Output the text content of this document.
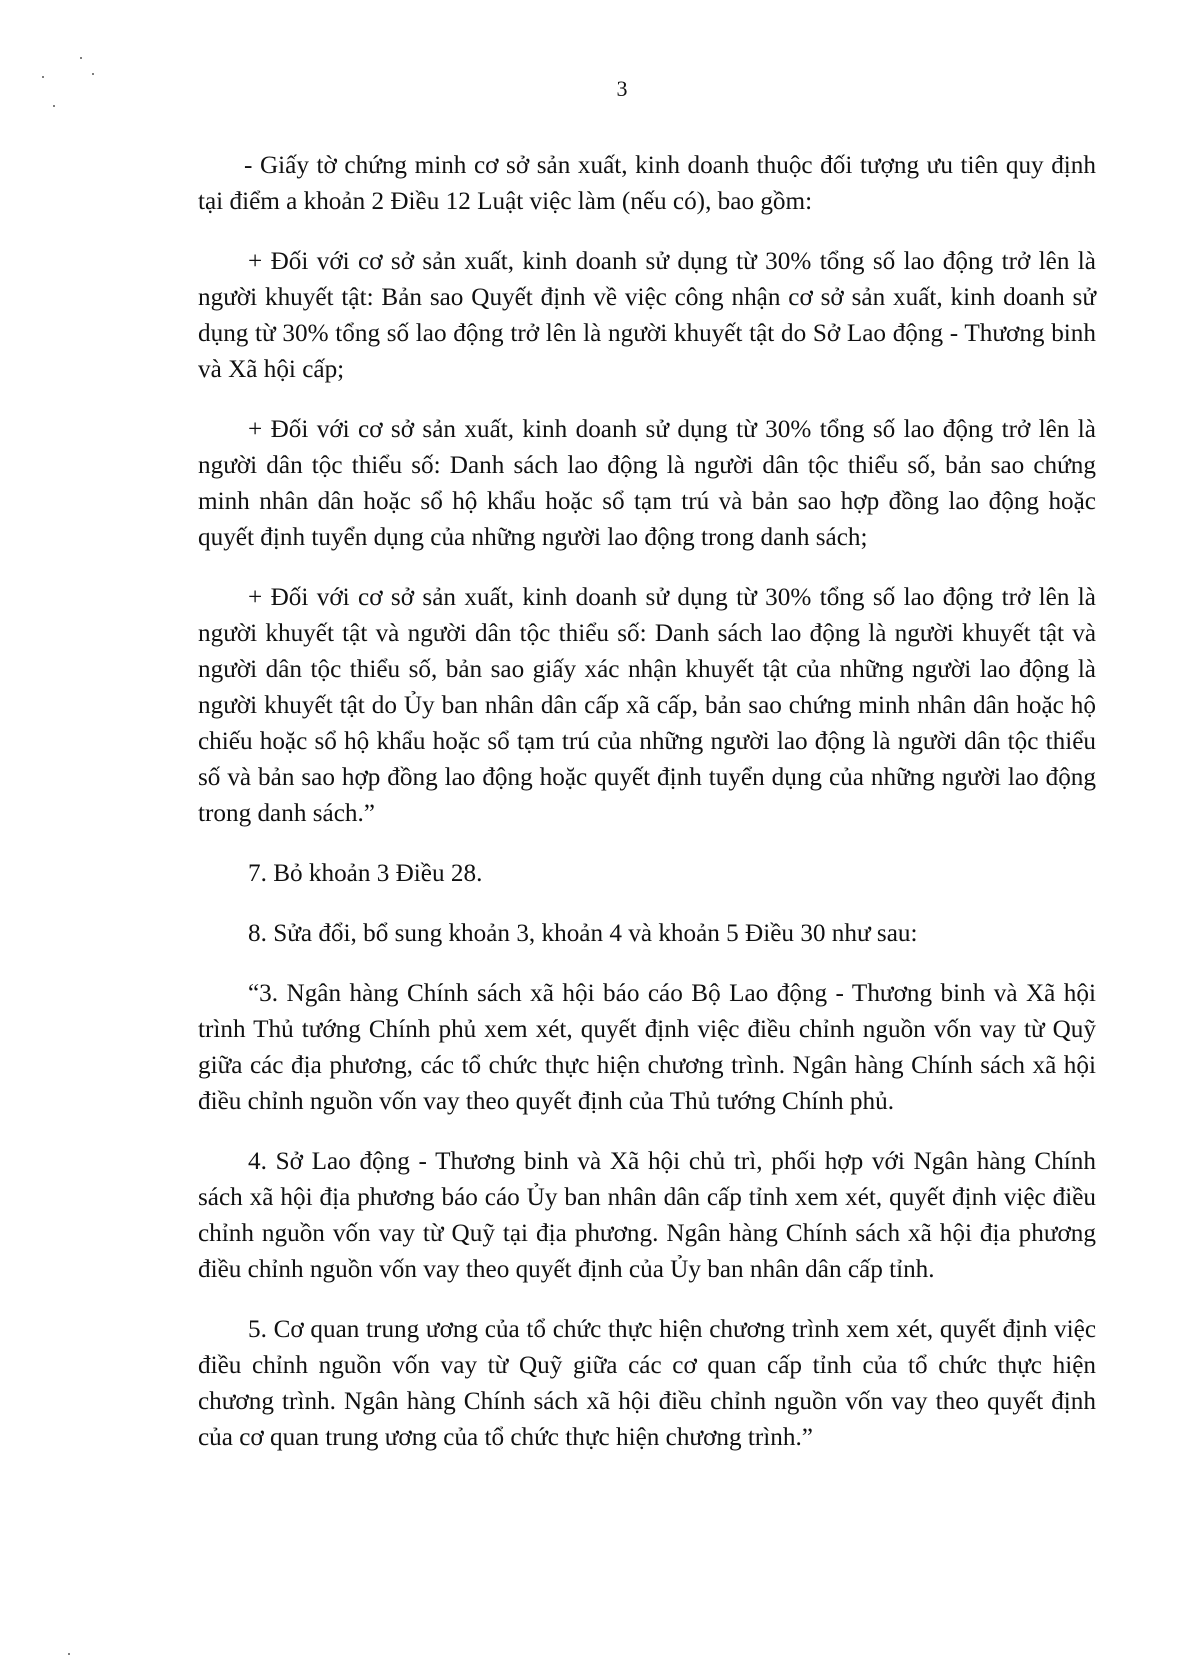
3

- Giấy tờ chứng minh cơ sở sản xuất, kinh doanh thuộc đối tượng ưu tiên quy định tại điểm a khoản 2 Điều 12 Luật việc làm (nếu có), bao gồm:

+ Đối với cơ sở sản xuất, kinh doanh sử dụng từ 30% tổng số lao động trở lên là người khuyết tật: Bản sao Quyết định về việc công nhận cơ sở sản xuất, kinh doanh sử dụng từ 30% tổng số lao động trở lên là người khuyết tật do Sở Lao động - Thương binh và Xã hội cấp;

+ Đối với cơ sở sản xuất, kinh doanh sử dụng từ 30% tổng số lao động trở lên là người dân tộc thiểu số: Danh sách lao động là người dân tộc thiểu số, bản sao chứng minh nhân dân hoặc sổ hộ khẩu hoặc sổ tạm trú và bản sao hợp đồng lao động hoặc quyết định tuyển dụng của những người lao động trong danh sách;

+ Đối với cơ sở sản xuất, kinh doanh sử dụng từ 30% tổng số lao động trở lên là người khuyết tật và người dân tộc thiểu số: Danh sách lao động là người khuyết tật và người dân tộc thiểu số, bản sao giấy xác nhận khuyết tật của những người lao động là người khuyết tật do Ủy ban nhân dân cấp xã cấp, bản sao chứng minh nhân dân hoặc hộ chiếu hoặc sổ hộ khẩu hoặc sổ tạm trú của những người lao động là người dân tộc thiểu số và bản sao hợp đồng lao động hoặc quyết định tuyển dụng của những người lao động trong danh sách.”

7. Bỏ khoản 3 Điều 28.

8. Sửa đổi, bổ sung khoản 3, khoản 4 và khoản 5 Điều 30 như sau:

“3. Ngân hàng Chính sách xã hội báo cáo Bộ Lao động - Thương binh và Xã hội trình Thủ tướng Chính phủ xem xét, quyết định việc điều chỉnh nguồn vốn vay từ Quỹ giữa các địa phương, các tổ chức thực hiện chương trình. Ngân hàng Chính sách xã hội điều chỉnh nguồn vốn vay theo quyết định của Thủ tướng Chính phủ.

4. Sở Lao động - Thương binh và Xã hội chủ trì, phối hợp với Ngân hàng Chính sách xã hội địa phương báo cáo Ủy ban nhân dân cấp tỉnh xem xét, quyết định việc điều chỉnh nguồn vốn vay từ Quỹ tại địa phương. Ngân hàng Chính sách xã hội địa phương điều chỉnh nguồn vốn vay theo quyết định của Ủy ban nhân dân cấp tỉnh.

5. Cơ quan trung ương của tổ chức thực hiện chương trình xem xét, quyết định việc điều chỉnh nguồn vốn vay từ Quỹ giữa các cơ quan cấp tỉnh của tổ chức thực hiện chương trình. Ngân hàng Chính sách xã hội điều chỉnh nguồn vốn vay theo quyết định của cơ quan trung ương của tổ chức thực hiện chương trình.”
